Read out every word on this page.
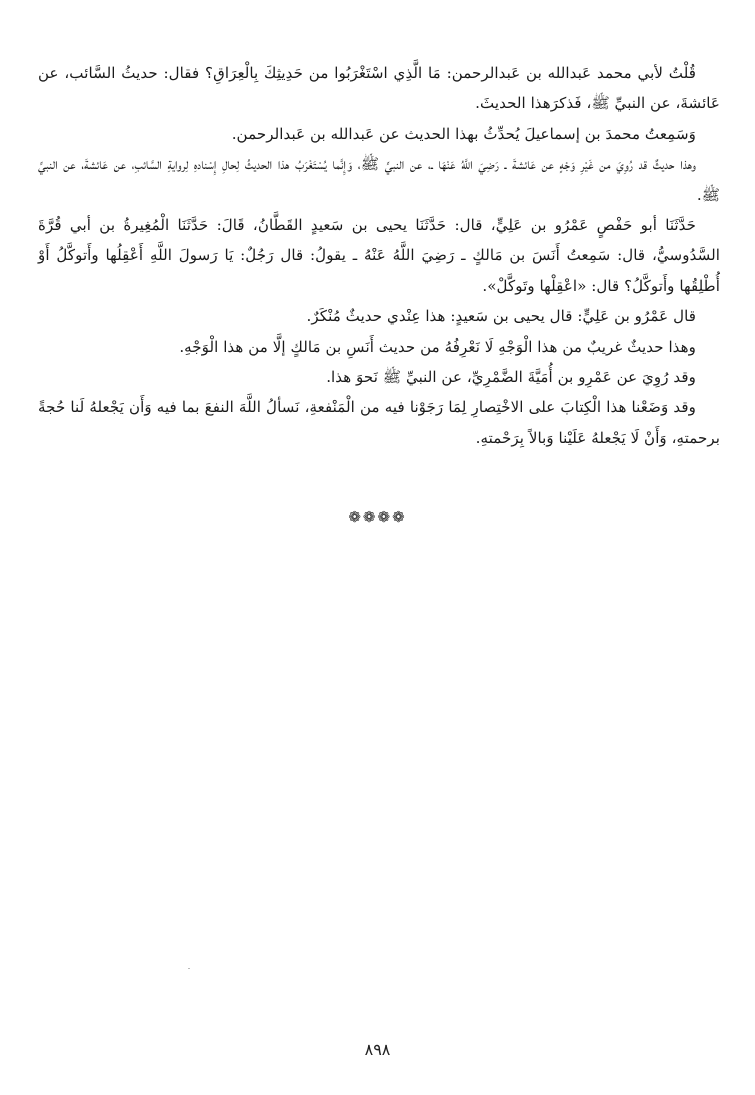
قُلْتُ لأبي محمد عَبدالله بن عَبدالرحمن: مَا الَّذِي اسْتَغْرَبُوا من حَدِيثِكَ بِالْعِرَاقِ؟ فقال: حديثُ السَّائب، عن عَائشةَ، عن النبيِّ ﷺ، فَذكرَهذا الحديثَ.

وَسَمِعتُ محمدَ بن إسماعيلَ يُحدِّثُ بهذا الحديث عن عَبدالله بن عَبدالرحمن.

وهذا حديثٌ قد رُوِيَ من غَيْرِ وَجْهٍ عن عَائشةَ ـ رَضِيَ اللَّهُ عَنْهَا ـ، عن النبيِّ ﷺ، وَإِنَّما يُسْتَغْرَبُ هذا الحديثُ لِحالِ إِسْنادهِ لِروايةِ السَّائبِ، عن عَائشةَ، عن النبيِّ ﷺ.

حَدَّثَنَا أبو حَفْصٍ عَمْرُو بن عَلِيٍّ، قال: حَدَّثَنَا يحيى بن سَعيدٍ القَطَّانُ، قَالَ: حَدَّثَنَا الْمُغِيرةُ بن أبي قُرَّةَ السَّدُوسيُّ، قال: سَمِعتُ أَنَسَ بن مَالكٍ ـ رَضِيَ اللَّهُ عَنْهُ ـ يقولُ: قال رَجُلٌ: يَا رَسولَ اللَّهِ أَعْقِلُها وأَتوكَّلُ أَوْ أُطْلِقُها وأَتوكَّلُ؟ قال: «اعْقِلْها وتَوكَّلْ».

قال عَمْرُو بن عَلِيٍّ: قال يحيى بن سَعيدٍ: هذا عِنْدي حديثٌ مُنْكَرٌ.

وهذا حديثٌ غريبٌ من هذا الْوَجْهِ لَا نَعْرِفُهُ من حديث أَنَسِ بن مَالكٍ إلَّا من هذا الْوَجْهِ.

وقد رُوِيَ عن عَمْرِو بن أُمَيَّةَ الضَّمْرِيِّ، عن النبيِّ ﷺ نَحوَ هذا.

وقد وَضَعْنا هذا الْكِتابَ على الاخْتِصارِ لِمَا رَجَوْنا فيه من الْمَنْفعةِ، نَسألُ اللَّهَ النفعَ بما فيه وَأَن يَجْعلهُ لَنا حُجةً برحمتهِ، وَأَنْ لَا يَجْعلهُ عَلَيْنا وَبالاً بِرَحْمتهِ.

❁❁❁❁
٨٩٨
